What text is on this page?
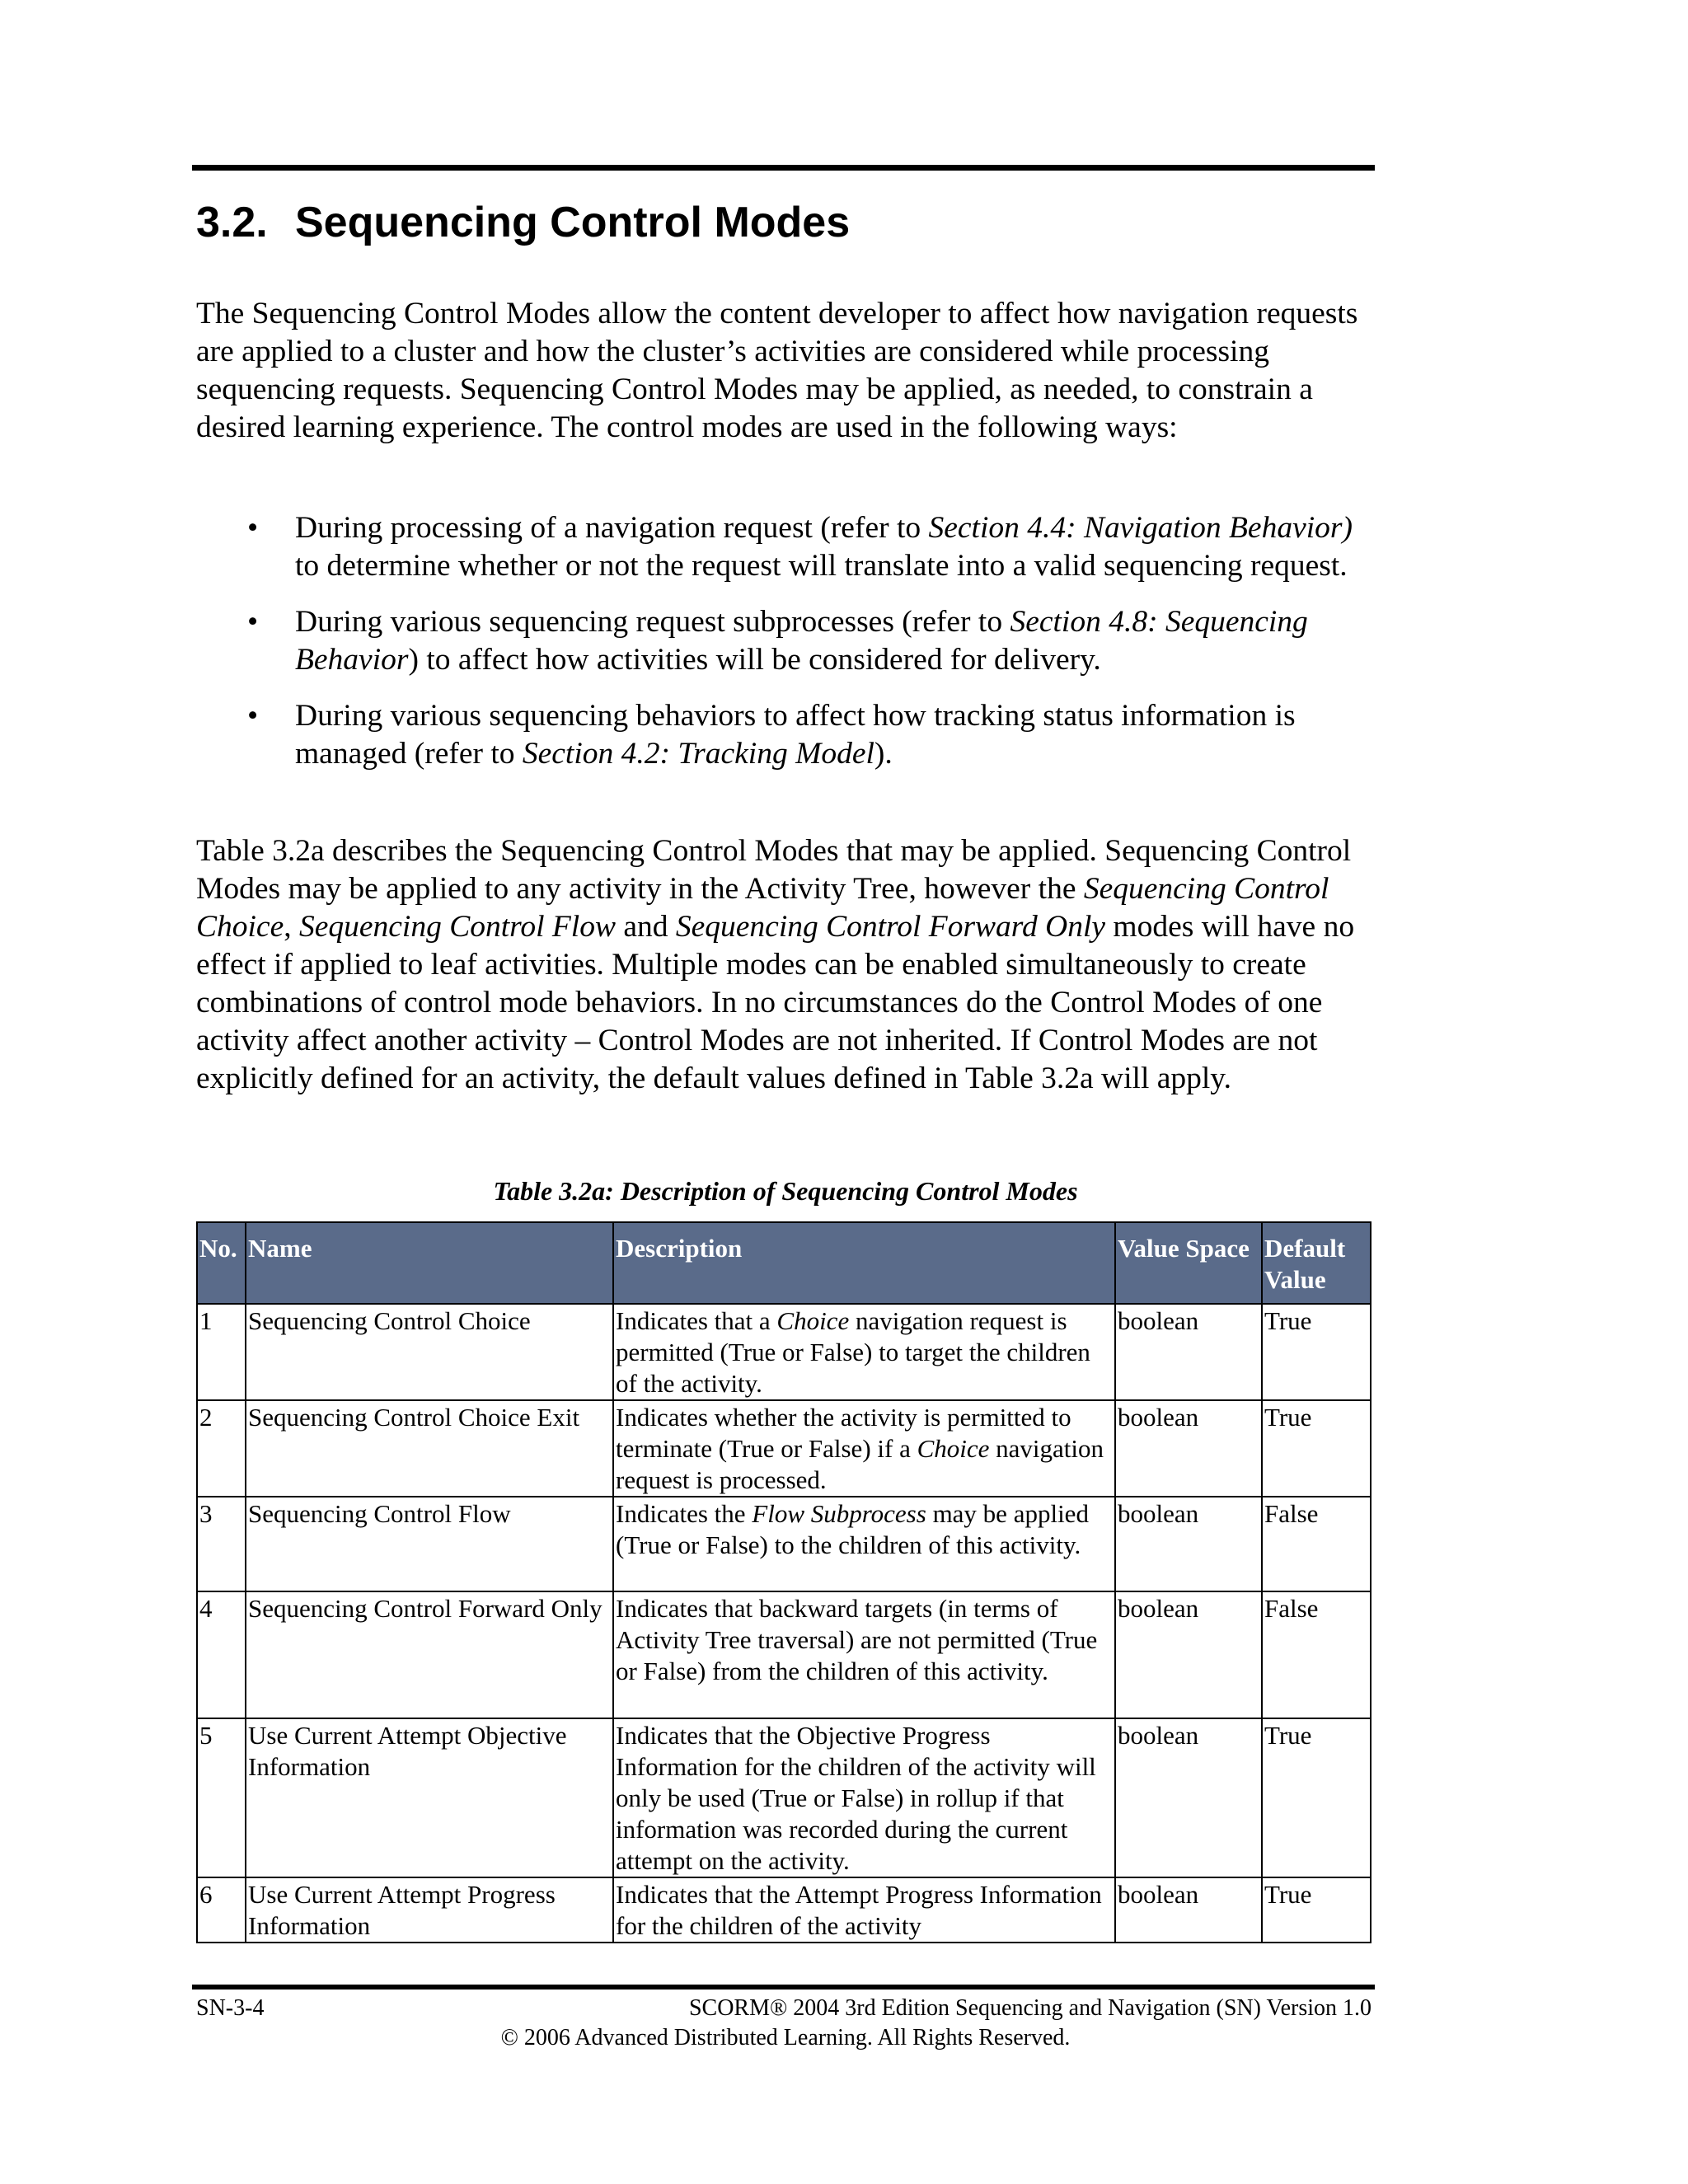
3.2. Sequencing Control Modes

The Sequencing Control Modes allow the content developer to affect how navigation requests are applied to a cluster and how the cluster’s activities are considered while processing sequencing requests. Sequencing Control Modes may be applied, as needed, to constrain a desired learning experience. The control modes are used in the following ways:

• During processing of a navigation request (refer to Section 4.4: Navigation Behavior) to determine whether or not the request will translate into a valid sequencing request.
• During various sequencing request subprocesses (refer to Section 4.8: Sequencing Behavior) to affect how activities will be considered for delivery.
• During various sequencing behaviors to affect how tracking status information is managed (refer to Section 4.2: Tracking Model).

Table 3.2a describes the Sequencing Control Modes that may be applied. Sequencing Control Modes may be applied to any activity in the Activity Tree, however the Sequencing Control Choice, Sequencing Control Flow and Sequencing Control Forward Only modes will have no effect if applied to leaf activities. Multiple modes can be enabled simultaneously to create combinations of control mode behaviors. In no circumstances do the Control Modes of one activity affect another activity – Control Modes are not inherited. If Control Modes are not explicitly defined for an activity, the default values defined in Table 3.2a will apply.

Table 3.2a: Description of Sequencing Control Modes

No.	Name	Description	Value Space	Default Value
1	Sequencing Control Choice	Indicates that a Choice navigation request is permitted (True or False) to target the children of the activity.	boolean	True
2	Sequencing Control Choice Exit	Indicates whether the activity is permitted to terminate (True or False) if a Choice navigation request is processed.	boolean	True
3	Sequencing Control Flow	Indicates the Flow Subprocess may be applied (True or False) to the children of this activity.	boolean	False
4	Sequencing Control Forward Only	Indicates that backward targets (in terms of Activity Tree traversal) are not permitted (True or False) from the children of this activity.	boolean	False
5	Use Current Attempt Objective Information	Indicates that the Objective Progress Information for the children of the activity will only be used (True or False) in rollup if that information was recorded during the current attempt on the activity.	boolean	True
6	Use Current Attempt Progress Information	Indicates that the Attempt Progress Information for the children of the activity	boolean	True
SN-3-4	SCORM® 2004 3rd Edition Sequencing and Navigation (SN) Version 1.0
© 2006 Advanced Distributed Learning. All Rights Reserved.
